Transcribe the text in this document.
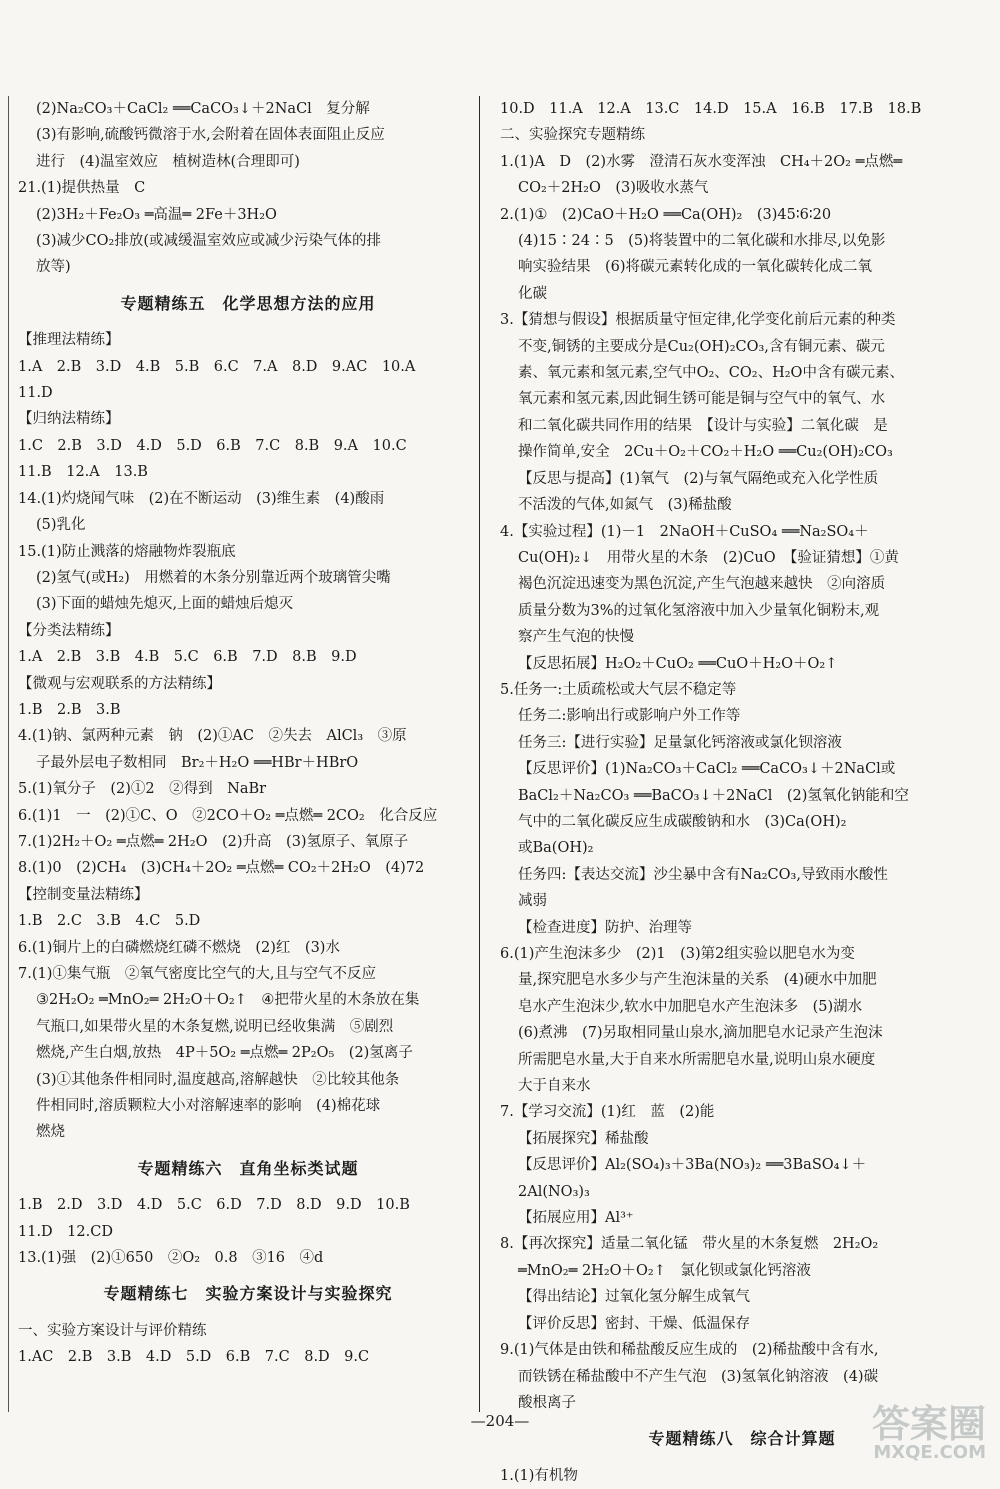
(2)Na₂CO₃＋CaCl₂ ══CaCO₃↓＋2NaCl　复分解
(3)有影响,硫酸钙微溶于水,会附着在固体表面阻止反应
进行　(4)温室效应　植树造林(合理即可)
21.(1)提供热量　C
(2)3H₂＋Fe₂O₃ ═高温═ 2Fe＋3H₂O
(3)减少CO₂排放(或减缓温室效应或减少污染气体的排
放等)
专题精练五　化学思想方法的应用
【推理法精练】
1.A　2.B　3.D　4.B　5.B　6.C　7.A　8.D　9.AC　10.A
11.D
【归纳法精练】
1.C　2.B　3.D　4.D　5.D　6.B　7.C　8.B　9.A　10.C
11.B　12.A　13.B
14.(1)灼烧闻气味　(2)在不断运动　(3)维生素　(4)酸雨
(5)乳化
15.(1)防止溅落的熔融物炸裂瓶底
(2)氢气(或H₂)　用燃着的木条分别靠近两个玻璃管尖嘴
(3)下面的蜡烛先熄灭,上面的蜡烛后熄灭
【分类法精练】
1.A　2.B　3.B　4.B　5.C　6.B　7.D　8.B　9.D
【微观与宏观联系的方法精练】
1.B　2.B　3.B
4.(1)钠、氯两种元素　钠　(2)①AC　②失去　AlCl₃　③原
子最外层电子数相同　Br₂＋H₂O ══HBr＋HBrO
5.(1)氧分子　(2)①2　②得到　NaBr
6.(1)1　一　(2)①C、O　②2CO＋O₂ ═点燃═ 2CO₂　化合反应
7.(1)2H₂＋O₂ ═点燃═ 2H₂O　(2)升高　(3)氢原子、氧原子
8.(1)0　(2)CH₄　(3)CH₄＋2O₂ ═点燃═ CO₂＋2H₂O　(4)72
【控制变量法精练】
1.B　2.C　3.B　4.C　5.D
6.(1)铜片上的白磷燃烧红磷不燃烧　(2)红　(3)水
7.(1)①集气瓶　②氧气密度比空气的大,且与空气不反应
③2H₂O₂ ═MnO₂═ 2H₂O＋O₂↑　④把带火星的木条放在集
气瓶口,如果带火星的木条复燃,说明已经收集满　⑤剧烈
燃烧,产生白烟,放热　4P＋5O₂ ═点燃═ 2P₂O₅　(2)氢离子
(3)①其他条件相同时,温度越高,溶解越快　②比较其他条
件相同时,溶质颗粒大小对溶解速率的影响　(4)棉花球
燃烧
专题精练六　直角坐标类试题
1.B　2.D　3.D　4.D　5.C　6.D　7.D　8.D　9.D　10.B
11.D　12.CD
13.(1)强　(2)①650　②O₂　0.8　③16　④d
专题精练七　实验方案设计与实验探究
一、实验方案设计与评价精练
1.AC　2.B　3.B　4.D　5.D　6.B　7.C　8.D　9.C
10.D　11.A　12.A　13.C　14.D　15.A　16.B　17.B　18.B
二、实验探究专题精练
1.(1)A　D　(2)水雾　澄清石灰水变浑浊　CH₄＋2O₂ ═点燃═
CO₂＋2H₂O　(3)吸收水蒸气
2.(1)①　(2)CaO＋H₂O ══Ca(OH)₂　(3)45∶6∶20
(4)15∶24∶5　(5)将装置中的二氧化碳和水排尽,以免影
响实验结果　(6)将碳元素转化成的一氧化碳转化成二氧
化碳
3.【猜想与假设】根据质量守恒定律,化学变化前后元素的种类
不变,铜锈的主要成分是Cu₂(OH)₂CO₃,含有铜元素、碳元
素、氧元素和氢元素,空气中O₂、CO₂、H₂O中含有碳元素、
氧元素和氢元素,因此铜生锈可能是铜与空气中的氧气、水
和二氧化碳共同作用的结果　【设计与实验】二氧化碳　是
操作简单,安全　2Cu＋O₂＋CO₂＋H₂O ══Cu₂(OH)₂CO₃
【反思与提高】(1)氧气　(2)与氧气隔绝或充入化学性质
不活泼的气体,如氮气　(3)稀盐酸
4.【实验过程】(1)－1　2NaOH＋CuSO₄ ══Na₂SO₄＋
Cu(OH)₂↓　用带火星的木条　(2)CuO　【验证猜想】①黄
褐色沉淀迅速变为黑色沉淀,产生气泡越来越快　②向溶质
质量分数为3%的过氧化氢溶液中加入少量氧化铜粉末,观
察产生气泡的快慢
【反思拓展】H₂O₂＋CuO₂ ══CuO＋H₂O＋O₂↑
5.任务一:土质疏松或大气层不稳定等
任务二:影响出行或影响户外工作等
任务三:【进行实验】足量氯化钙溶液或氯化钡溶液
【反思评价】(1)Na₂CO₃＋CaCl₂ ══CaCO₃↓＋2NaCl或
BaCl₂＋Na₂CO₃ ══BaCO₃↓＋2NaCl　(2)氢氧化钠能和空
气中的二氧化碳反应生成碳酸钠和水　(3)Ca(OH)₂
或Ba(OH)₂
任务四:【表达交流】沙尘暴中含有Na₂CO₃,导致雨水酸性
减弱
【检查进度】防护、治理等
6.(1)产生泡沫多少　(2)1　(3)第2组实验以肥皂水为变
量,探究肥皂水多少与产生泡沫量的关系　(4)硬水中加肥
皂水产生泡沫少,软水中加肥皂水产生泡沫多　(5)湖水
(6)煮沸　(7)另取相同量山泉水,滴加肥皂水记录产生泡沫
所需肥皂水量,大于自来水所需肥皂水量,说明山泉水硬度
大于自来水
7.【学习交流】(1)红　蓝　(2)能
【拓展探究】稀盐酸
【反思评价】Al₂(SO₄)₃＋3Ba(NO₃)₂ ══3BaSO₄↓＋
2Al(NO₃)₃
【拓展应用】Al³⁺
8.【再次探究】适量二氧化锰　带火星的木条复燃　2H₂O₂
═MnO₂═ 2H₂O＋O₂↑　氯化钡或氯化钙溶液
【得出结论】过氧化氢分解生成氧气
【评价反思】密封、干燥、低温保存
9.(1)气体是由铁和稀盐酸反应生成的　(2)稀盐酸中含有水,
而铁锈在稀盐酸中不产生气泡　(3)氢氧化钠溶液　(4)碳
酸根离子
专题精练八　综合计算题
1.(1)有机物
—204—	答案圈
MXQE.COM
